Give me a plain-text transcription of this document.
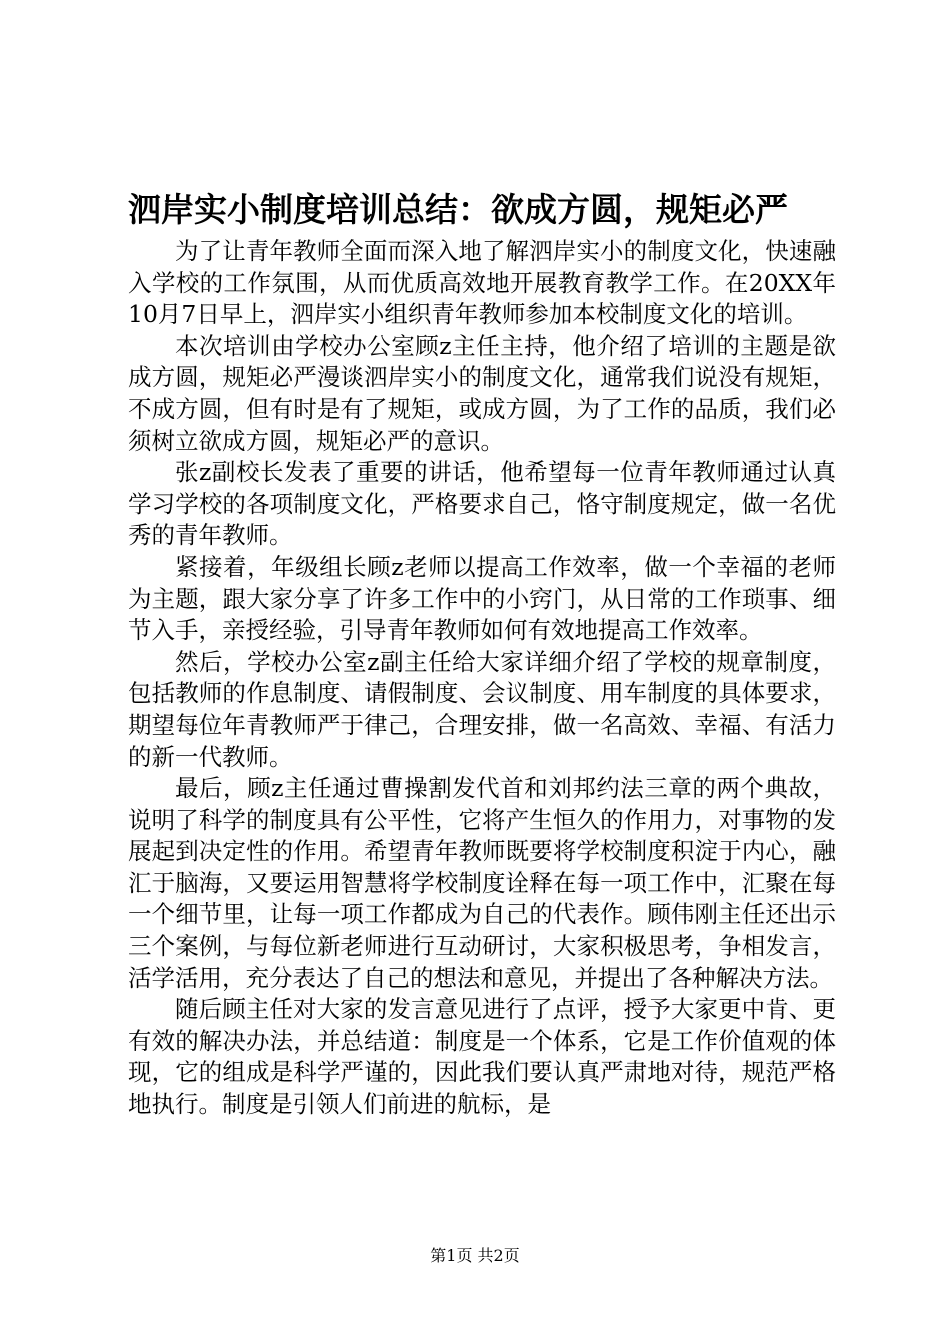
泗岸实小制度培训总结：欲成方圆，规矩必严

为了让青年教师全面而深入地了解泗岸实小的制度文化，快速融入学校的工作氛围，从而优质高效地开展教育教学工作。在20XX年10月7日早上，泗岸实小组织青年教师参加本校制度文化的培训。

本次培训由学校办公室顾z主任主持，他介绍了培训的主题是欲成方圆，规矩必严漫谈泗岸实小的制度文化，通常我们说没有规矩，不成方圆，但有时是有了规矩，或成方圆，为了工作的品质，我们必须树立欲成方圆，规矩必严的意识。

张z副校长发表了重要的讲话，他希望每一位青年教师通过认真学习学校的各项制度文化，严格要求自己，恪守制度规定，做一名优秀的青年教师。

紧接着，年级组长顾z老师以提高工作效率，做一个幸福的老师为主题，跟大家分享了许多工作中的小窍门，从日常的工作琐事、细节入手，亲授经验，引导青年教师如何有效地提高工作效率。

然后，学校办公室z副主任给大家详细介绍了学校的规章制度，包括教师的作息制度、请假制度、会议制度、用车制度的具体要求，期望每位年青教师严于律己，合理安排，做一名高效、幸福、有活力的新一代教师。

最后，顾z主任通过曹操割发代首和刘邦约法三章的两个典故，说明了科学的制度具有公平性，它将产生恒久的作用力，对事物的发展起到决定性的作用。希望青年教师既要将学校制度积淀于内心，融汇于脑海，又要运用智慧将学校制度诠释在每一项工作中，汇聚在每一个细节里，让每一项工作都成为自己的代表作。顾伟刚主任还出示三个案例，与每位新老师进行互动研讨，大家积极思考，争相发言，活学活用，充分表达了自己的想法和意见，并提出了各种解决方法。

随后顾主任对大家的发言意见进行了点评，授予大家更中肯、更有效的解决办法，并总结道：制度是一个体系，它是工作价值观的体现，它的组成是科学严谨的，因此我们要认真严肃地对待，规范严格地执行。制度是引领人们前进的航标，是

第1页 共2页
